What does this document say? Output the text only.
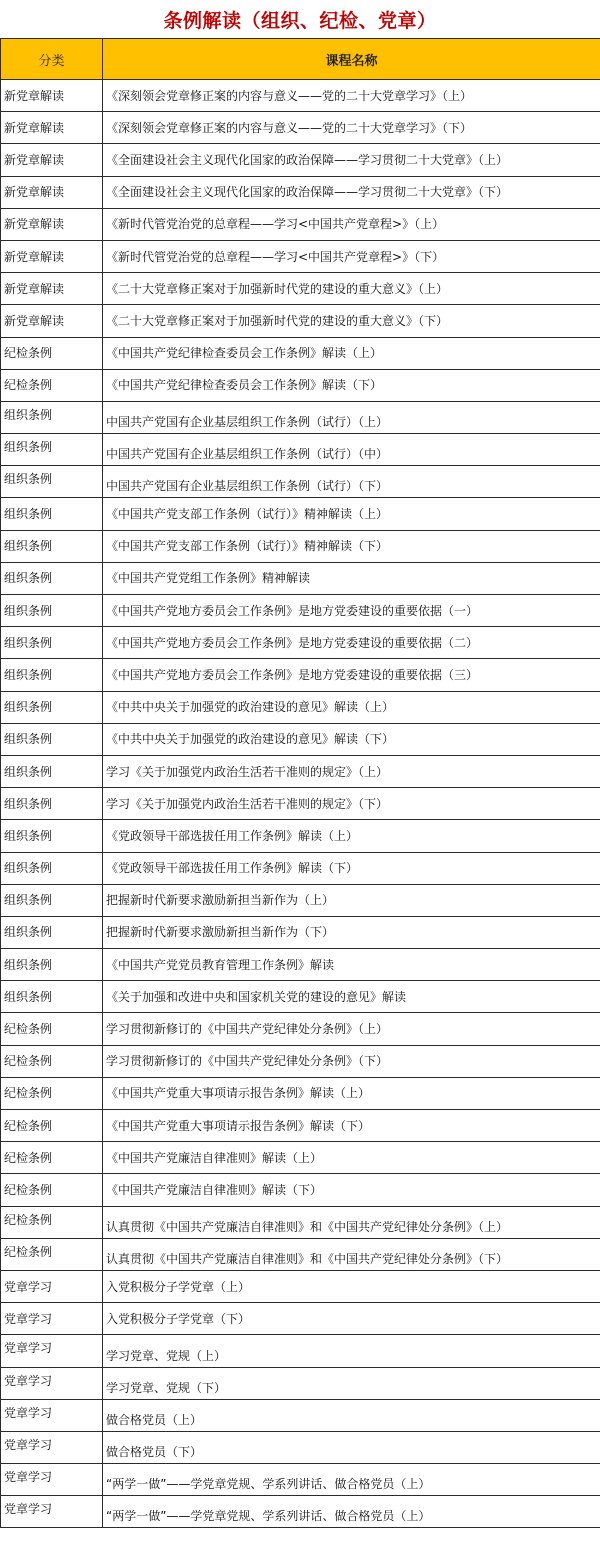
条例解读（组织、纪检、党章）
分类	课程名称
新党章解读	《深刻领会党章修正案的内容与意义——党的二十大党章学习》（上）
新党章解读	《深刻领会党章修正案的内容与意义——党的二十大党章学习》（下）
新党章解读	《全面建设社会主义现代化国家的政治保障——学习贯彻二十大党章》（上）
新党章解读	《全面建设社会主义现代化国家的政治保障——学习贯彻二十大党章》（下）
新党章解读	《新时代管党治党的总章程——学习<中国共产党章程>》（上）
新党章解读	《新时代管党治党的总章程——学习<中国共产党章程>》（下）
新党章解读	《二十大党章修正案对于加强新时代党的建设的重大意义》（上）
新党章解读	《二十大党章修正案对于加强新时代党的建设的重大意义》（下）
纪检条例	《中国共产党纪律检查委员会工作条例》解读（上）
纪检条例	《中国共产党纪律检查委员会工作条例》解读（下）
组织条例	中国共产党国有企业基层组织工作条例（试行）（上）
组织条例	中国共产党国有企业基层组织工作条例（试行）（中）
组织条例	中国共产党国有企业基层组织工作条例（试行）（下）
组织条例	《中国共产党支部工作条例（试行）》精神解读（上）
组织条例	《中国共产党支部工作条例（试行）》精神解读（下）
组织条例	《中国共产党党组工作条例》精神解读
组织条例	《中国共产党地方委员会工作条例》是地方党委建设的重要依据（一）
组织条例	《中国共产党地方委员会工作条例》是地方党委建设的重要依据（二）
组织条例	《中国共产党地方委员会工作条例》是地方党委建设的重要依据（三）
组织条例	《中共中央关于加强党的政治建设的意见》解读（上）
组织条例	《中共中央关于加强党的政治建设的意见》解读（下）
组织条例	学习《关于加强党内政治生活若干准则的规定》（上）
组织条例	学习《关于加强党内政治生活若干准则的规定》（下）
组织条例	《党政领导干部选拔任用工作条例》解读（上）
组织条例	《党政领导干部选拔任用工作条例》解读（下）
组织条例	把握新时代新要求激励新担当新作为（上）
组织条例	把握新时代新要求激励新担当新作为（下）
组织条例	《中国共产党党员教育管理工作条例》解读
组织条例	《关于加强和改进中央和国家机关党的建设的意见》解读
纪检条例	学习贯彻新修订的《中国共产党纪律处分条例》（上）
纪检条例	学习贯彻新修订的《中国共产党纪律处分条例》（下）
纪检条例	《中国共产党重大事项请示报告条例》解读（上）
纪检条例	《中国共产党重大事项请示报告条例》解读（下）
纪检条例	《中国共产党廉洁自律准则》解读（上）
纪检条例	《中国共产党廉洁自律准则》解读（下）
纪检条例	认真贯彻《中国共产党廉洁自律准则》和《中国共产党纪律处分条例》（上）
纪检条例	认真贯彻《中国共产党廉洁自律准则》和《中国共产党纪律处分条例》（下）
党章学习	入党积极分子学党章（上）
党章学习	入党积极分子学党章（下）
党章学习	学习党章、党规（上）
党章学习	学习党章、党规（下）
党章学习	做合格党员（上）
党章学习	做合格党员（下）
党章学习	“两学一做”——学党章党规、学系列讲话、做合格党员（上）
党章学习	“两学一做”——学党章党规、学系列讲话、做合格党员（上）
